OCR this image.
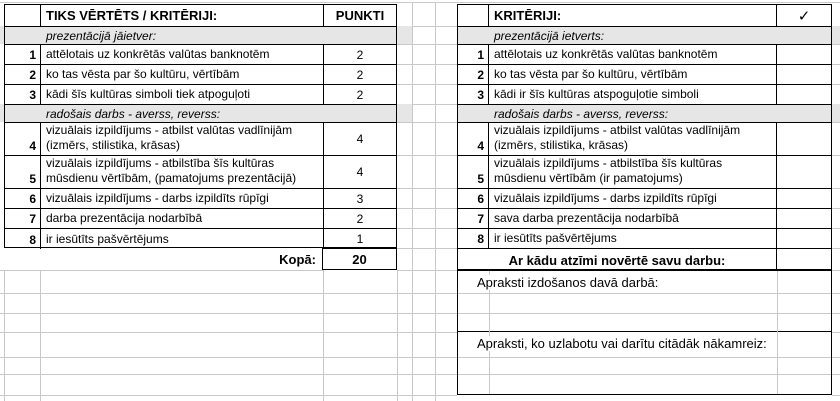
TIKS VĒRTĒTS / KRITĒRIJI:	PUNKTI
prezentācijā jāietver:
1 attēlotais uz konkrētās valūtas banknotēm	2
2 ko tas vēsta par šo kultūru, vērtībām	2
3 kādi šīs kultūras simboli tiek atpoguļoti	2
radošais darbs - averss, reverss:
4
vizuālais izpildījums - atbilst valūtas vadlīnijām (izmērs, stilistika, krāsas)	4
5
vizuālais izpildījums - atbilstība šīs kultūras mūsdienu vērtībām, (pamatojums prezentācijā)	4
6 vizuālais izpildījums - darbs izpildīts rūpīgi	3
7 darba prezentācija nodarbībā	2
8 ir iesūtīts pašvērtējums	1
Kopā:	20
KRITĒRIJI:	✓
prezentācijā ietverts:
1 attēlotais uz konkrētās valūtas banknotēm
2 ko tas vēsta par šo kultūru, vērtībām
3 kādi ir šīs kultūras atspoguļotie simboli
radošais darbs - averss, reverss:
4
vizuālais izpildījums - atbilst valūtas vadlīnijām (izmērs, stilistika, krāsas)
5
vizuālais izpildījums - atbilstība šīs kultūras mūsdienu vērtībām (ir pamatojums)
6 vizuālais izpildījums - darbs izpildīts rūpīgi
7 sava darba prezentācija nodarbībā
8 ir iesūtīts pašvērtējums
Ar kādu atzīmi novērtē savu darbu:
Apraksti izdošanos davā darbā:
Apraksti, ko uzlabotu vai darītu citādāk nākamreiz:
